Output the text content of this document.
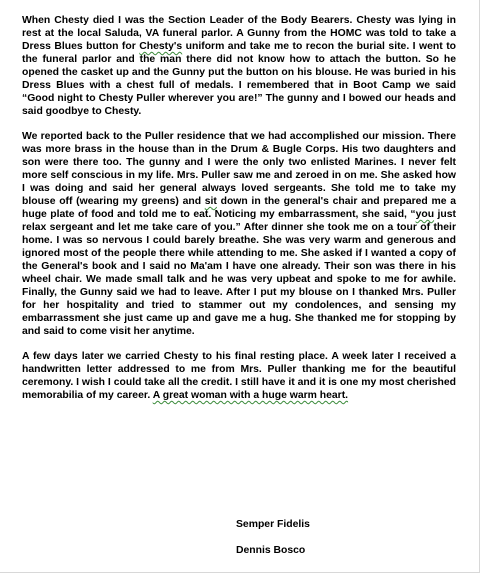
When Chesty died I was the Section Leader of the Body Bearers. Chesty was lying in rest at the local Saluda, VA funeral parlor. A Gunny from the HOMC was told to take a Dress Blues button for Chesty's uniform and take me to recon the burial site. I went to the funeral parlor and the man there did not know how to attach the button. So he opened the casket up and the Gunny put the button on his blouse. He was buried in his Dress Blues with a chest full of medals. I remembered that in Boot Camp we said “Good night to Chesty Puller wherever you are!” The gunny and I bowed our heads and said goodbye to Chesty.

We reported back to the Puller residence that we had accomplished our mission. There was more brass in the house than in the Drum & Bugle Corps. His two daughters and son were there too. The gunny and I were the only two enlisted Marines. I never felt more self conscious in my life. Mrs. Puller saw me and zeroed in on me. She asked how I was doing and said her general always loved sergeants. She told me to take my blouse off (wearing my greens) and sit down in the general's chair and prepared me a huge plate of food and told me to eat. Noticing my embarrassment, she said, “you just relax sergeant and let me take care of you.” After dinner she took me on a tour of their home. I was so nervous I could barely breathe. She was very warm and generous and ignored most of the people there while attending to me. She asked if I wanted a copy of the General's book and I said no Ma'am I have one already. Their son was there in his wheel chair. We made small talk and he was very upbeat and spoke to me for awhile. Finally, the Gunny said we had to leave. After I put my blouse on I thanked Mrs. Puller for her hospitality and tried to stammer out my condolences, and sensing my embarrassment she just came up and gave me a hug. She thanked me for stopping by and said to come visit her anytime.

A few days later we carried Chesty to his final resting place. A week later I received a handwritten letter addressed to me from Mrs. Puller thanking me for the beautiful ceremony. I wish I could take all the credit. I still have it and it is one my most cherished memorabilia of my career. A great woman with a huge warm heart.

Semper Fidelis
Dennis Bosco
